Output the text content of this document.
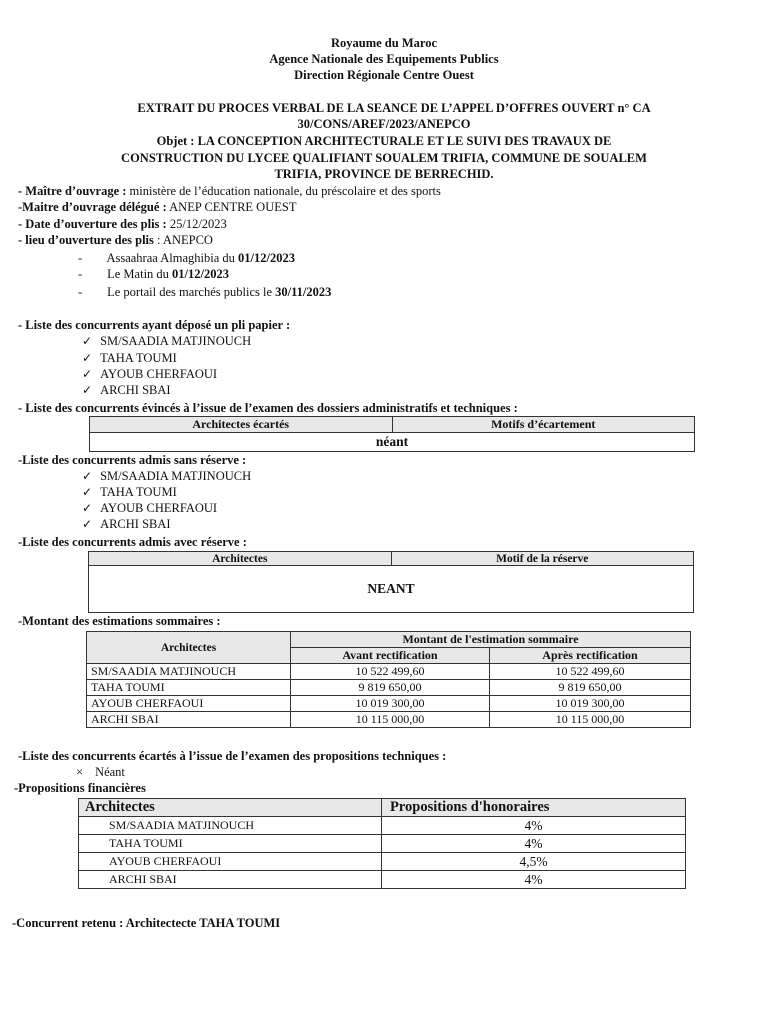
Royaume du Maroc
Agence Nationale des Equipements Publics
Direction Régionale Centre Ouest
EXTRAIT DU PROCES VERBAL DE LA SEANCE DE L’APPEL D’OFFRES OUVERT n° CA
30/CONS/AREF/2023/ANEPCO
Objet : LA CONCEPTION ARCHITECTURALE ET LE SUIVI DES TRAVAUX DE
CONSTRUCTION DU LYCEE QUALIFIANT SOUALEM TRIFIA, COMMUNE DE SOUALEM
TRIFIA, PROVINCE DE BERRECHID.
- Maître d’ouvrage : ministère de l’éducation nationale, du préscolaire et des sports
-Maitre d’ouvrage délégué : ANEP CENTRE OUEST
- Date d’ouverture des plis : 25/12/2023
- lieu d’ouverture des plis : ANEPCO
- Assaahraa Almaghibia du 01/12/2023
- Le Matin du 01/12/2023
- Le portail des marchés publics le 30/11/2023
- Liste des concurrents ayant déposé un pli papier :
✓ SM/SAADIA MATJINOUCH
✓ TAHA TOUMI
✓ AYOUB CHERFAOUI
✓ ARCHI SBAI
- Liste des concurrents évincés à l’issue de l’examen des dossiers administratifs et techniques :
Architectes écartés	Motifs d’écartement
néant
-Liste des concurrents admis sans réserve :
✓ SM/SAADIA MATJINOUCH
✓ TAHA TOUMI
✓ AYOUB CHERFAOUI
✓ ARCHI SBAI
-Liste des concurrents admis avec réserve :
Architectes	Motif de la réserve
NEANT
-Montant des estimations sommaires :
Architectes	Montant de l'estimation sommaire	
	Avant rectification	Après rectification
SM/SAADIA MATJINOUCH	10 522 499,60	10 522 499,60
TAHA TOUMI	9 819 650,00	9 819 650,00
AYOUB CHERFAOUI	10 019 300,00	10 019 300,00
ARCHI SBAI	10 115 000,00	10 115 000,00
-Liste des concurrents écartés à l’issue de l’examen des propositions techniques :
× Néant
-Propositions financières
Architectes	Propositions d'honoraires
SM/SAADIA MATJINOUCH	4%
TAHA TOUMI	4%
AYOUB CHERFAOUI	4,5%
ARCHI SBAI	4%
-Concurrent retenu : Architectecte TAHA TOUMI
